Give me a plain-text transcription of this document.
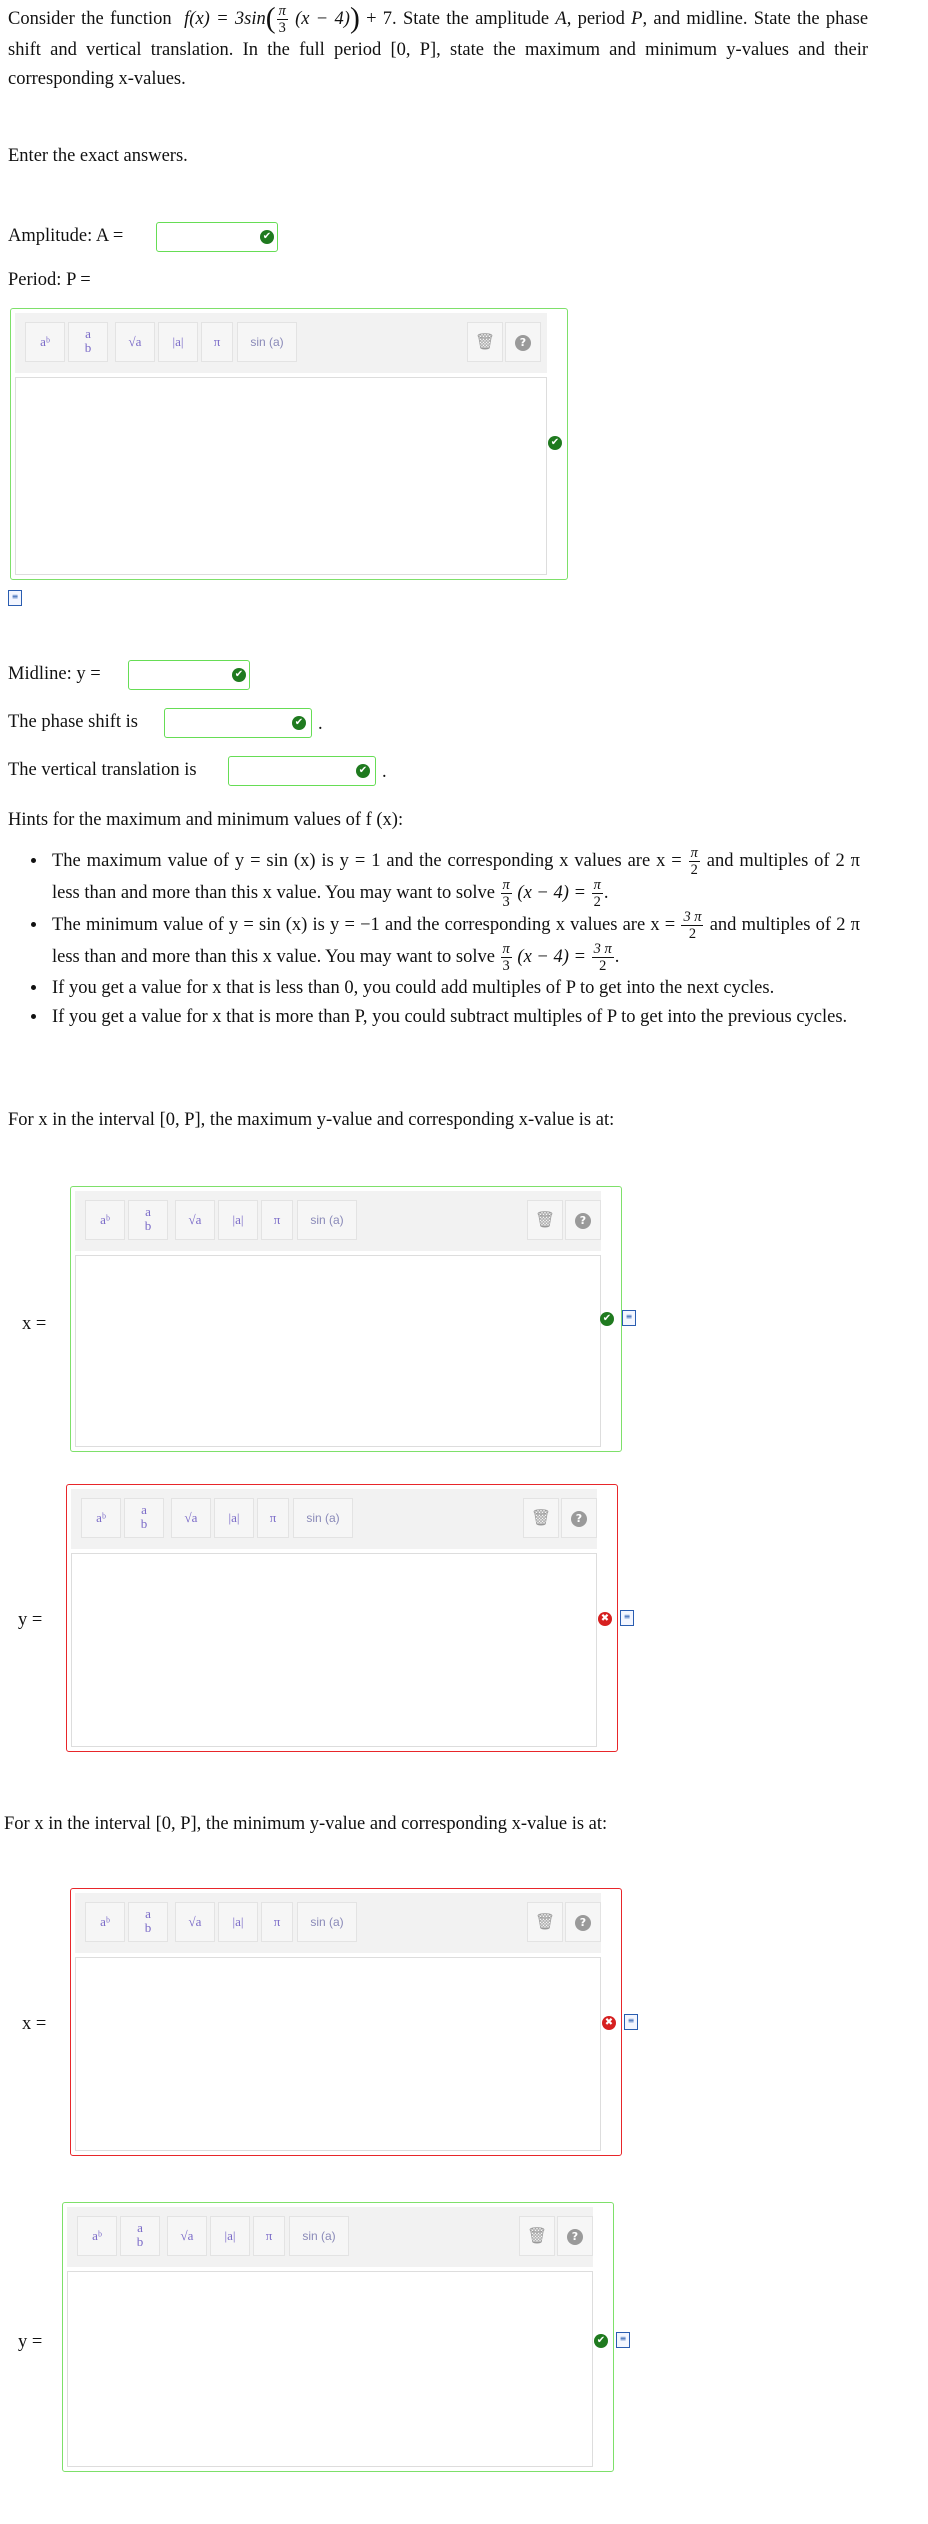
Consider the function $f(x) = 3\sin( \frac{\pi}{3} (x - 4)) + 7$. State the amplitude A, period P, and midline. State the phase shift and vertical translation. In the full period [0, P], state the maximum and minimum y-values and their corresponding x-values.
Enter the exact answers.
Amplitude: A =	✔
Period: P =
aᵇ
a
b	√a	|a|	π	sin (a)	🗑	?
✔
≡
Midline: y =	✔
The phase shift is	✔ .
The vertical translation is	✔ .
Hints for the maximum and minimum values of f (x):
• The maximum value of y = sin (x) is y = 1 and the corresponding x values are $x = \frac{\pi}{2}$ and multiples of 2 π less than and more than this x value. You may want to solve $\frac{\pi}{3} (x - 4) = \frac{\pi}{2}$ .
• The minimum value of y = sin (x) is y = −1 and the corresponding x values are $x = \frac{3 \pi}{2}$ and multiples of 2 π less than and more than this x value. You may want to solve $\frac{\pi}{3} (x - 4) = \frac{3 \pi}{2}$ .
• If you get a value for x that is less than 0, you could add multiples of P to get into the next cycles.
• If you get a value for x that is more than P, you could subtract multiples of P to get into the previous cycles.
For x in the interval [0, P], the maximum y-value and corresponding x-value is at:
x =
aᵇ
a
b	√a	|a|	π	sin (a)	🗑	?
✔	≡
y =
aᵇ
a
b	√a	|a|	π	sin (a)	🗑	?
✖	≡
For x in the interval [0, P], the minimum y-value and corresponding x-value is at:
x =
aᵇ
a
b	√a	|a|	π	sin (a)	🗑	?
✖	≡
y =
aᵇ
a
b	√a	|a|	π	sin (a)	🗑	?
✔	≡
